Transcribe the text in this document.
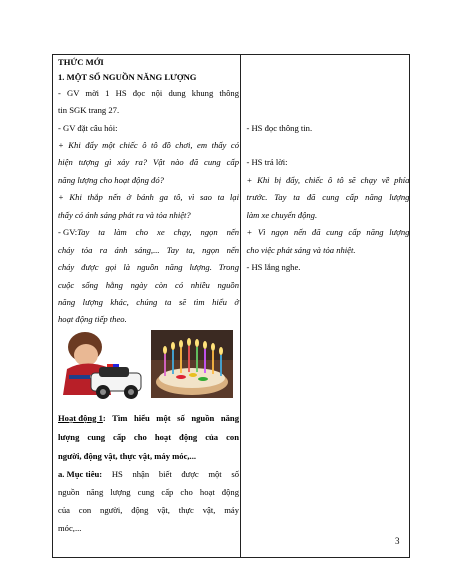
THỨC MỚI
1. MỘT SỐ NGUỒN NĂNG LƯỢNG
- GV mời 1 HS đọc nội dung khung thông
tin SGK trang 27.
- GV đặt câu hỏi:
+ Khi đẩy một chiếc ô tô đồ chơi, em thấy có
hiện tượng gì xảy ra? Vật nào đã cung cấp
năng lượng cho hoạt động đó?
+ Khi thắp nến ở bánh ga tô, vì sao ta lại
thấy có ánh sáng phát ra và tỏa nhiệt?
- GV: Tay ta làm cho xe chạy, ngọn nến
cháy tỏa ra ánh sáng,... Tay ta, ngọn nến
cháy được gọi là nguồn năng lượng. Trong
cuộc sống hằng ngày còn có nhiều nguồn
năng lượng khác, chúng ta sẽ tìm hiểu ở
hoạt động tiếp theo.
Hoạt động 1 : Tìm hiểu một số nguồn năng
lượng cung cấp cho hoạt động của con
người, động vật, thực vật, máy móc,...
a. Mục tiêu: HS nhận biết được một số
nguồn năng lượng cung cấp cho hoạt động
của con người, động vật, thực vật, máy
móc,...

- HS đọc thông tin.
- HS trả lời:
+ Khi bị đẩy, chiếc ô tô sẽ chạy về phía
trước. Tay ta đã cung cấp năng lượng
làm xe chuyển động.
+ Vì ngọn nến đã cung cấp năng lượng
cho việc phát sáng và tỏa nhiệt.
- HS lắng nghe.
3
